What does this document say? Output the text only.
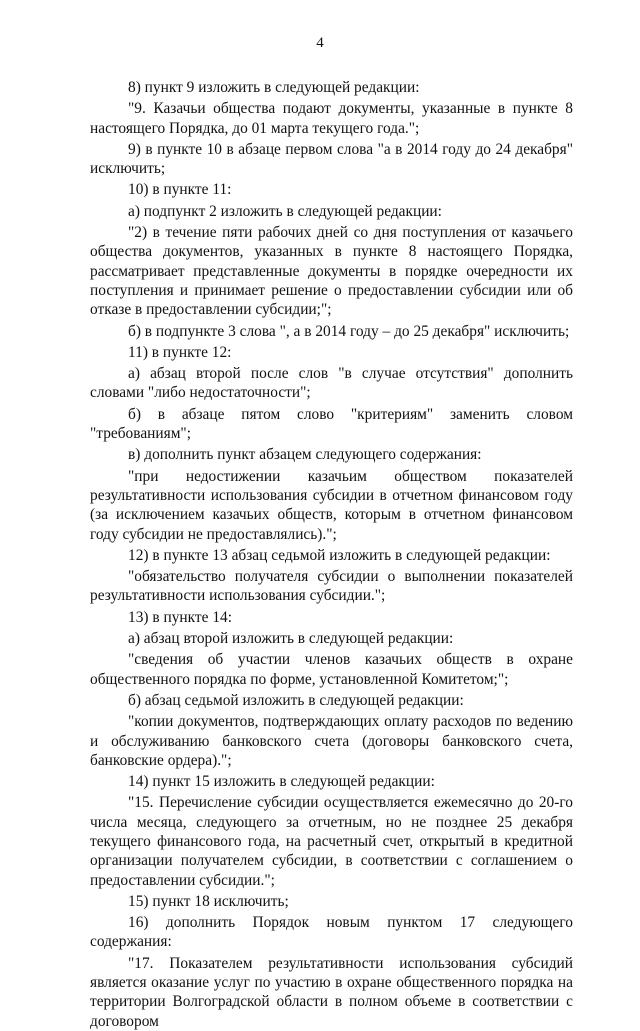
4

8) пункт 9 изложить в следующей редакции:

"9. Казачьи общества подают документы, указанные в пункте 8 настоящего Порядка, до 01 марта текущего года.";

9) в пункте 10 в абзаце первом слова "а в 2014 году до 24 декабря" исключить;

10) в пункте 11:

а) подпункт 2 изложить в следующей редакции:

"2) в течение пяти рабочих дней со дня поступления от казачьего общества документов, указанных в пункте 8 настоящего Порядка, рассматривает представленные документы в порядке очередности их поступления и принимает решение о предоставлении субсидии или об отказе в предоставлении субсидии;";

б) в подпункте 3 слова ", а в 2014 году – до 25 декабря" исключить;

11) в пункте 12:

а) абзац второй после слов "в случае отсутствия" дополнить словами "либо недостаточности";

б) в абзаце пятом слово "критериям" заменить словом "требованиям";

в) дополнить пункт абзацем следующего содержания:

"при недостижении казачьим обществом показателей результативности использования субсидии в отчетном финансовом году (за исключением казачьих обществ, которым в отчетном финансовом году субсидии не предоставлялись).";

12) в пункте 13 абзац седьмой изложить в следующей редакции:

"обязательство получателя субсидии о выполнении показателей результативности использования субсидии.";

13) в пункте 14:

а) абзац второй изложить в следующей редакции:

"сведения об участии членов казачьих обществ в охране общественного порядка по форме, установленной Комитетом;";

б) абзац седьмой изложить в следующей редакции:

"копии документов, подтверждающих оплату расходов по ведению и обслуживанию банковского счета (договоры банковского счета, банковские ордера).";

14) пункт 15 изложить в следующей редакции:

"15. Перечисление субсидии осуществляется ежемесячно до 20-го числа месяца, следующего за отчетным, но не позднее 25 декабря текущего финансового года, на расчетный счет, открытый в кредитной организации получателем субсидии, в соответствии с соглашением о предоставлении субсидии.";

15) пункт 18 исключить;

16) дополнить Порядок новым пунктом 17 следующего содержания:

"17. Показателем результативности использования субсидий является оказание услуг по участию в охране общественного порядка на территории Волгоградской области в полном объеме в соответствии с договором
